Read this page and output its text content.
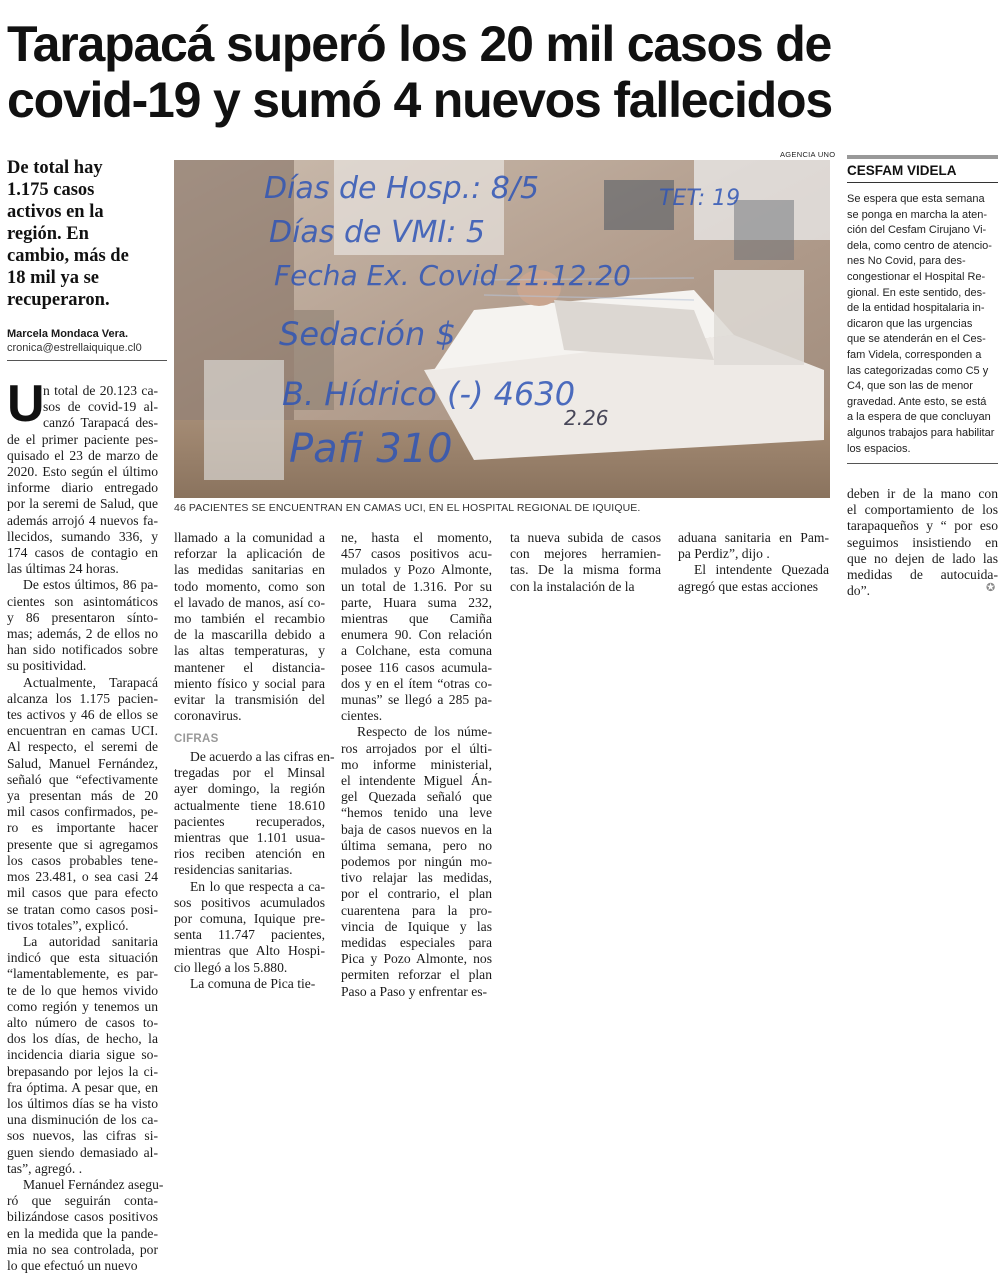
Tarapacá superó los 20 mil casos de
covid-19 y sumó 4 nuevos fallecidos
De total hay
1.175 casos
activos en la
región. En
cambio, más de
18 mil ya se
recuperaron.
Marcela Mondaca Vera.
cronica@estrellaiquique.cl0
U
n total de 20.123 ca-
sos de covid-19 al-
canzó Tarapacá des-
de el primer paciente pes-
quisado el 23 de marzo de
2020. Esto según el último
informe diario entregado
por la seremi de Salud, que
además arrojó 4 nuevos fa-
llecidos, sumando 336, y
174 casos de contagio en
las últimas 24 horas.
De estos últimos, 86 pa-
cientes son asintomáticos
y 86 presentaron sínto-
mas; además, 2 de ellos no
han sido notificados sobre
su positividad.
Actualmente, Tarapacá
alcanza los 1.175 pacien-
tes activos y 46 de ellos se
encuentran en camas UCI.
Al respecto, el seremi de
Salud, Manuel Fernández,
señaló que “efectivamente
ya presentan más de 20
mil casos confirmados, pe-
ro es importante hacer
presente que si agregamos
los casos probables tene-
mos 23.481, o sea casi 24
mil casos que para efecto
se tratan como casos posi-
tivos totales”, explicó.
La autoridad sanitaria
indicó que esta situación
“lamentablemente, es par-
te de lo que hemos vivido
como región y tenemos un
alto número de casos to-
dos los días, de hecho, la
incidencia diaria sigue so-
brepasando por lejos la ci-
fra óptima. A pesar que, en
los últimos días se ha visto
una disminución de los ca-
sos nuevos, las cifras si-
guen siendo demasiado al-
tas”, agregó. .
Manuel Fernández asegu-
ró que seguirán conta-
bilizándose casos positivos
en la medida que la pande-
mia no sea controlada, por
lo que efectuó un nuevo
llamado a la comunidad a
reforzar la aplicación de
las medidas sanitarias en
todo momento, como son
el lavado de manos, así co-
mo también el recambio
de la mascarilla debido a
las altas temperaturas, y
mantener el distancia-
miento físico y social para
evitar la transmisión del
coronavirus.
CIFRAS
De acuerdo a las cifras en-
tregadas por el Minsal
ayer domingo, la región
actualmente tiene 18.610
pacientes recuperados,
mientras que 1.101 usua-
rios reciben atención en
residencias sanitarias.
En lo que respecta a ca-
sos positivos acumulados
por comuna, Iquique pre-
senta 11.747 pacientes,
mientras que Alto Hospi-
cio llegó a los 5.880.
La comuna de Pica tie-
ne, hasta el momento,
457 casos positivos acu-
mulados y Pozo Almonte,
un total de 1.316. Por su
parte, Huara suma 232,
mientras que Camiña
enumera 90. Con relación
a Colchane, esta comuna
posee 116 casos acumula-
dos y en el ítem “otras co-
munas” se llegó a 285 pa-
cientes.
Respecto de los núme-
ros arrojados por el últi-
mo informe ministerial,
el intendente Miguel Án-
gel Quezada señaló que
“hemos tenido una leve
baja de casos nuevos en la
última semana, pero no
podemos por ningún mo-
tivo relajar las medidas,
por el contrario, el plan
cuarentena para la pro-
vincia de Iquique y las
medidas especiales para
Pica y Pozo Almonte, nos
permiten reforzar el plan
Paso a Paso y enfrentar es-
ta nueva subida de casos
con mejores herramien-
tas. De la misma forma
con la instalación de la
aduana sanitaria en Pam-
pa Perdiz”, dijo .
El intendente Quezada
agregó que estas acciones
deben ir de la mano con
el comportamiento de los
tarapaqueños y “ por eso
seguimos insistiendo en
que no dejen de lado las
medidas de autocuida-
do”.	✪
AGENCIA UNO
Días de Hosp.: 8/5
Días de VMI: 5
Fecha Ex. Covid 21.12.20
Sedación $
B. Hídrico (-) 4630
Pafi 310
TET: 19
2.26
46 PACIENTES SE ENCUENTRAN EN CAMAS UCI, EN EL HOSPITAL REGIONAL DE IQUIQUE.
CESFAM VIDELA
Se espera que esta semana
se ponga en marcha la aten-
ción del Cesfam Cirujano Vi-
dela, como centro de atencio-
nes No Covid, para des-
congestionar el Hospital Re-
gional. En este sentido, des-
de la entidad hospitalaria in-
dicaron que las urgencias
que se atenderán en el Ces-
fam Videla, corresponden a
las categorizadas como C5 y
C4, que son las de menor
gravedad. Ante esto, se está
a la espera de que concluyan
algunos trabajos para habilitar
los espacios.
